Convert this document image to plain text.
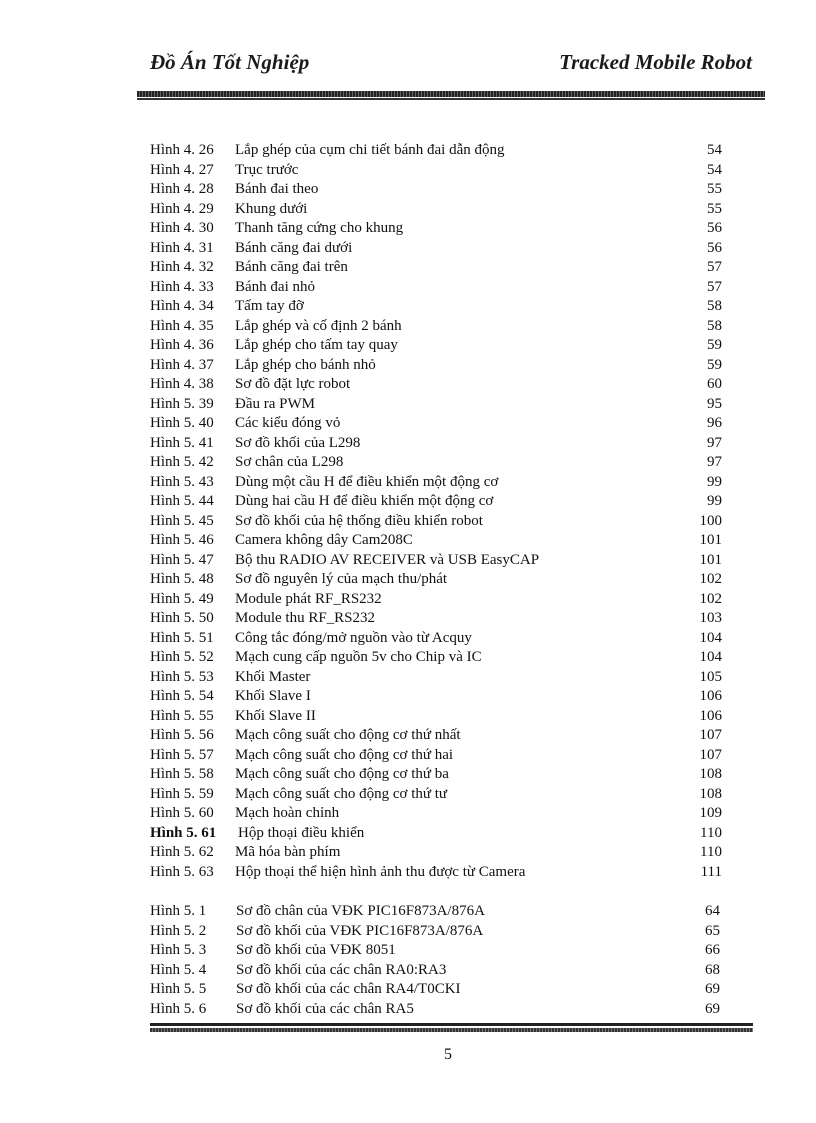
Đồ Án Tốt Nghiệp	Tracked Mobile Robot
Hình 4. 26 Lắp ghép của cụm chi tiết bánh đai dẫn động	54
Hình 4. 27 Trục trước	54
Hình 4. 28 Bánh đai theo	55
Hình 4. 29 Khung dưới	55
Hình 4. 30 Thanh tăng cứng cho khung	56
Hình 4. 31 Bánh căng đai dưới	56
Hình 4. 32 Bánh căng đai trên	57
Hình 4. 33 Bánh đai nhỏ	57
Hình 4. 34 Tấm tay đỡ	58
Hình 4. 35 Lắp ghép và cố định 2 bánh	58
Hình 4. 36 Lắp ghép cho tấm tay quay	59
Hình 4. 37 Lắp ghép cho bánh nhỏ	59
Hình 4. 38 Sơ đồ đặt lực robot	60
Hình 5. 39 Đầu ra PWM	95
Hình 5. 40 Các kiểu đóng vỏ	96
Hình 5. 41 Sơ đồ khối của L298	97
Hình 5. 42 Sơ chân của L298	97
Hình 5. 43 Dùng một cầu H để điều khiển một động cơ	99
Hình 5. 44 Dùng hai cầu H để điều khiển một động cơ	99
Hình 5. 45 Sơ đồ khối của hệ thống điều khiển robot	100
Hình 5. 46 Camera không dây Cam208C	101
Hình 5. 47 Bộ thu RADIO AV RECEIVER và USB EasyCAP	101
Hình 5. 48 Sơ đồ nguyên lý của mạch thu/phát	102
Hình 5. 49 Module phát RF_RS232	102
Hình 5. 50 Module thu RF_RS232	103
Hình 5. 51 Công tắc đóng/mở nguồn vào từ Acquy	104
Hình 5. 52 Mạch cung cấp nguồn 5v cho Chip và IC	104
Hình 5. 53 Khối Master	105
Hình 5. 54 Khối Slave I	106
Hình 5. 55 Khối Slave II	106
Hình 5. 56 Mạch công suất cho động cơ thứ nhất	107
Hình 5. 57 Mạch công suất cho động cơ thứ hai	107
Hình 5. 58 Mạch công suất cho động cơ thứ ba	108
Hình 5. 59 Mạch công suất cho động cơ thứ tư	108
Hình 5. 60 Mạch hoàn chỉnh	109
Hình 5. 61 Hộp thoại điều khiển	110
Hình 5. 62 Mã hóa bàn phím	110
Hình 5. 63 Hộp thoại thể hiện hình ảnh thu được từ Camera	111
Hình 5. 1 Sơ đồ chân của VĐK PIC16F873A/876A	64
Hình 5. 2 Sơ đồ khối của VĐK PIC16F873A/876A	65
Hình 5. 3 Sơ đồ khối của VĐK 8051	66
Hình 5. 4 Sơ đồ khối của các chân RA0:RA3	68
Hình 5. 5 Sơ đồ khối của các chân RA4/T0CKI	69
Hình 5. 6 Sơ đồ khối của các chân RA5	69
5
